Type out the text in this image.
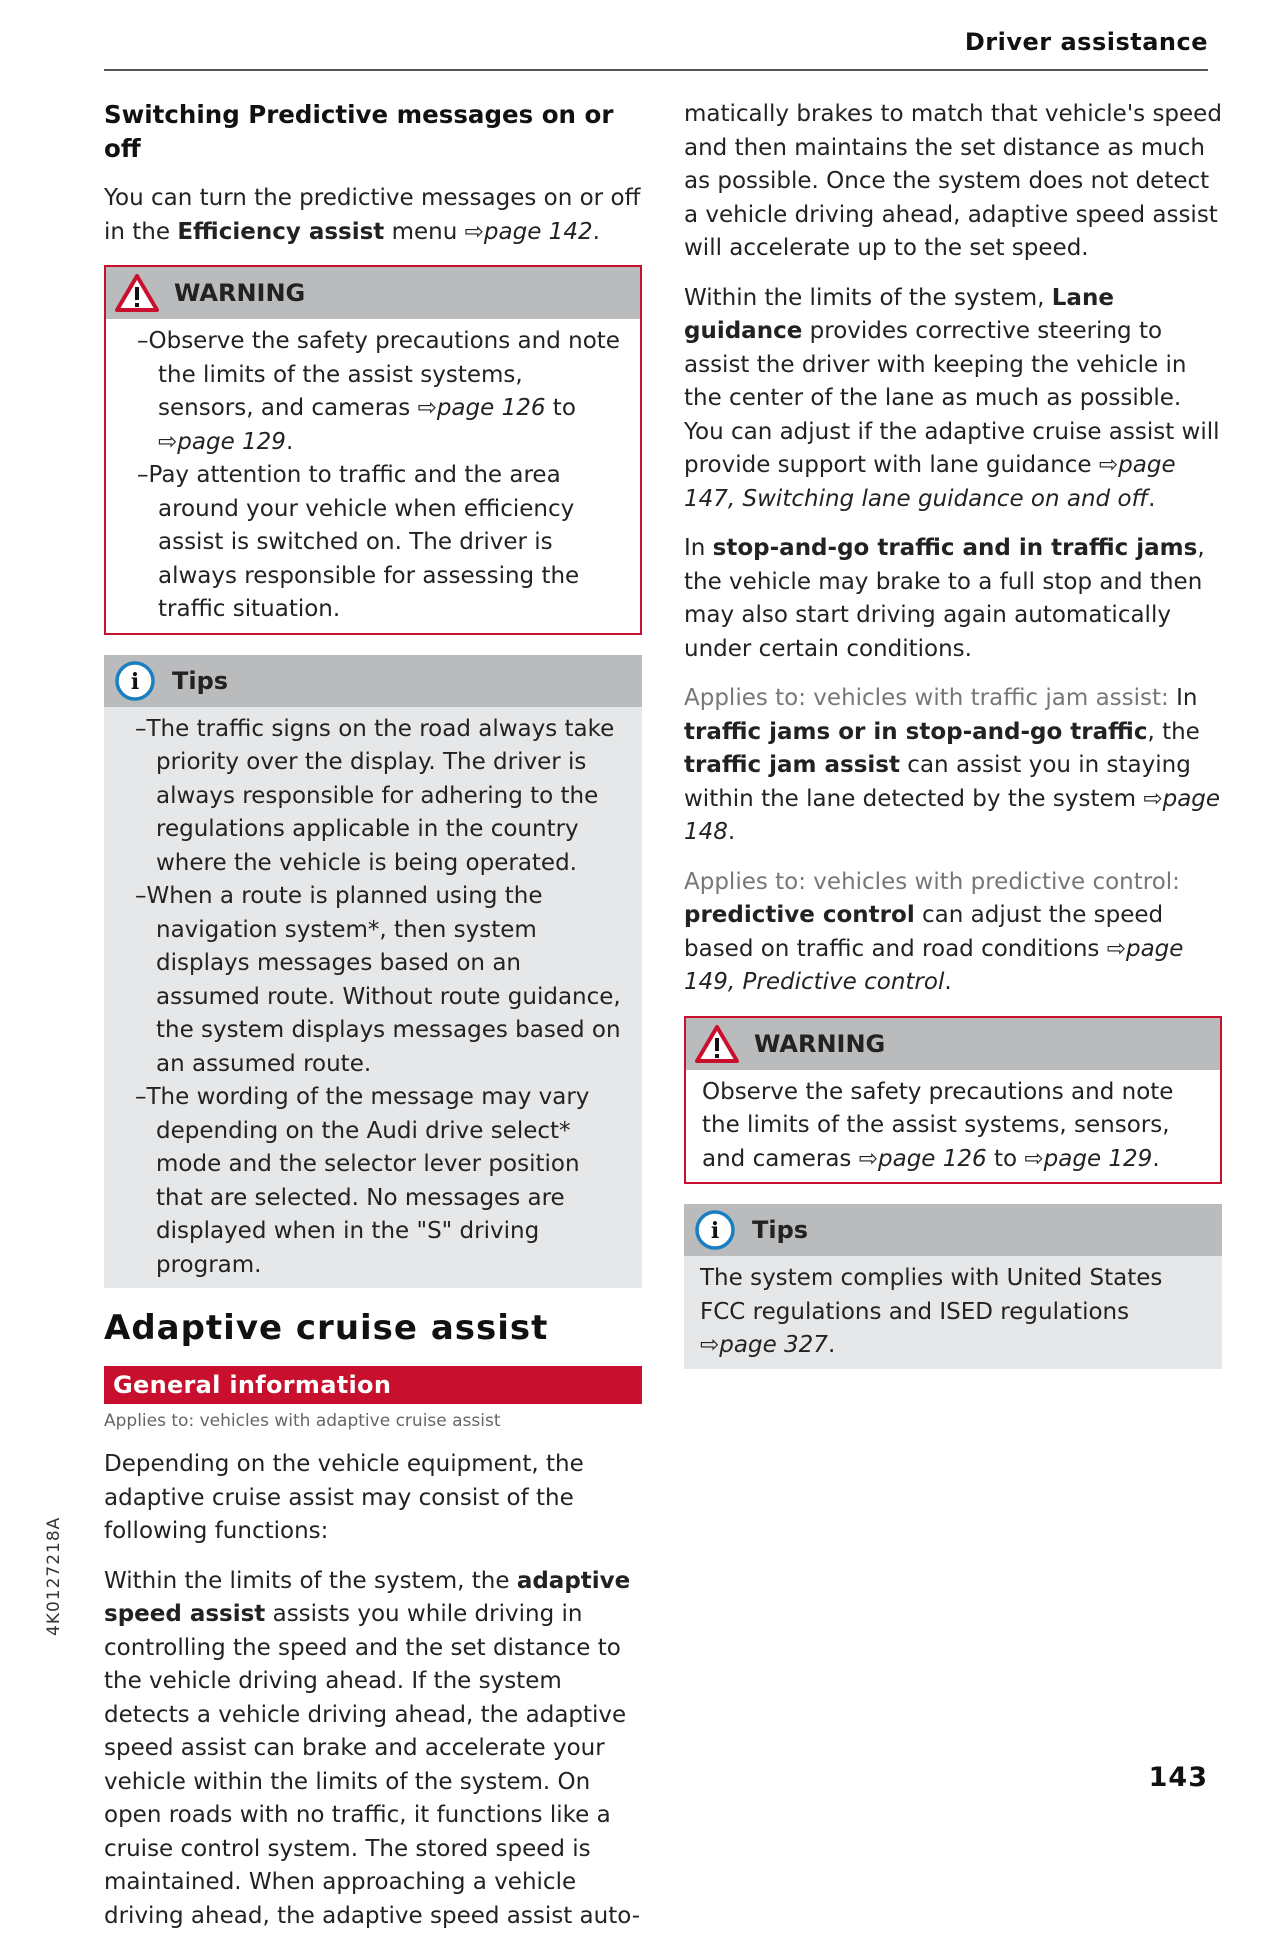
Driver assistance
Switching Predictive messages on or off

You can turn the predictive messages on or off in the Efficiency assist menu ⇨page 142.

WARNING
– Observe the safety precautions and note the limits of the assist systems, sensors, and cameras ⇨page 126 to ⇨page 129.
– Pay attention to traffic and the area around your vehicle when efficiency assist is switched on. The driver is always responsible for assessing the traffic situation.
i Tips
– The traffic signs on the road always take priority over the display. The driver is always responsible for adhering to the regulations applicable in the country where the vehicle is being operated.
– When a route is planned using the navigation system*, then system displays messages based on an assumed route. Without route guidance, the system displays messages based on an assumed route.
– The wording of the message may vary depending on the Audi drive select* mode and the selector lever position that are selected. No messages are displayed when in the "S" driving program.
Adaptive cruise assist
General information
Applies to: vehicles with adaptive cruise assist

Depending on the vehicle equipment, the adaptive cruise assist may consist of the following functions:

Within the limits of the system, the adaptive speed assist assists you while driving in controlling the speed and the set distance to the vehicle driving ahead. If the system detects a vehicle driving ahead, the adaptive speed assist can brake and accelerate your vehicle within the limits of the system. On open roads with no traffic, it functions like a cruise control system. The stored speed is maintained. When approaching a vehicle driving ahead, the adaptive speed assist auto-

matically brakes to match that vehicle's speed and then maintains the set distance as much as possible. Once the system does not detect a vehicle driving ahead, adaptive speed assist will accelerate up to the set speed.

Within the limits of the system, Lane guidance provides corrective steering to assist the driver with keeping the vehicle in the center of the lane as much as possible. You can adjust if the adaptive cruise assist will provide support with lane guidance ⇨page 147, Switching lane guidance on and off.

In stop-and-go traffic and in traffic jams, the vehicle may brake to a full stop and then may also start driving again automatically under certain conditions.

Applies to: vehicles with traffic jam assist: In traffic jams or in stop-and-go traffic, the traffic jam assist can assist you in staying within the lane detected by the system ⇨page 148.

Applies to: vehicles with predictive control: predictive control can adjust the speed based on traffic and road conditions ⇨page 149, Predictive control.

WARNING

Observe the safety precautions and note the limits of the assist systems, sensors, and cameras ⇨page 126 to ⇨page 129.

i Tips

The system complies with United States FCC regulations and ISED regulations ⇨page 327.

4K0127218A
143
